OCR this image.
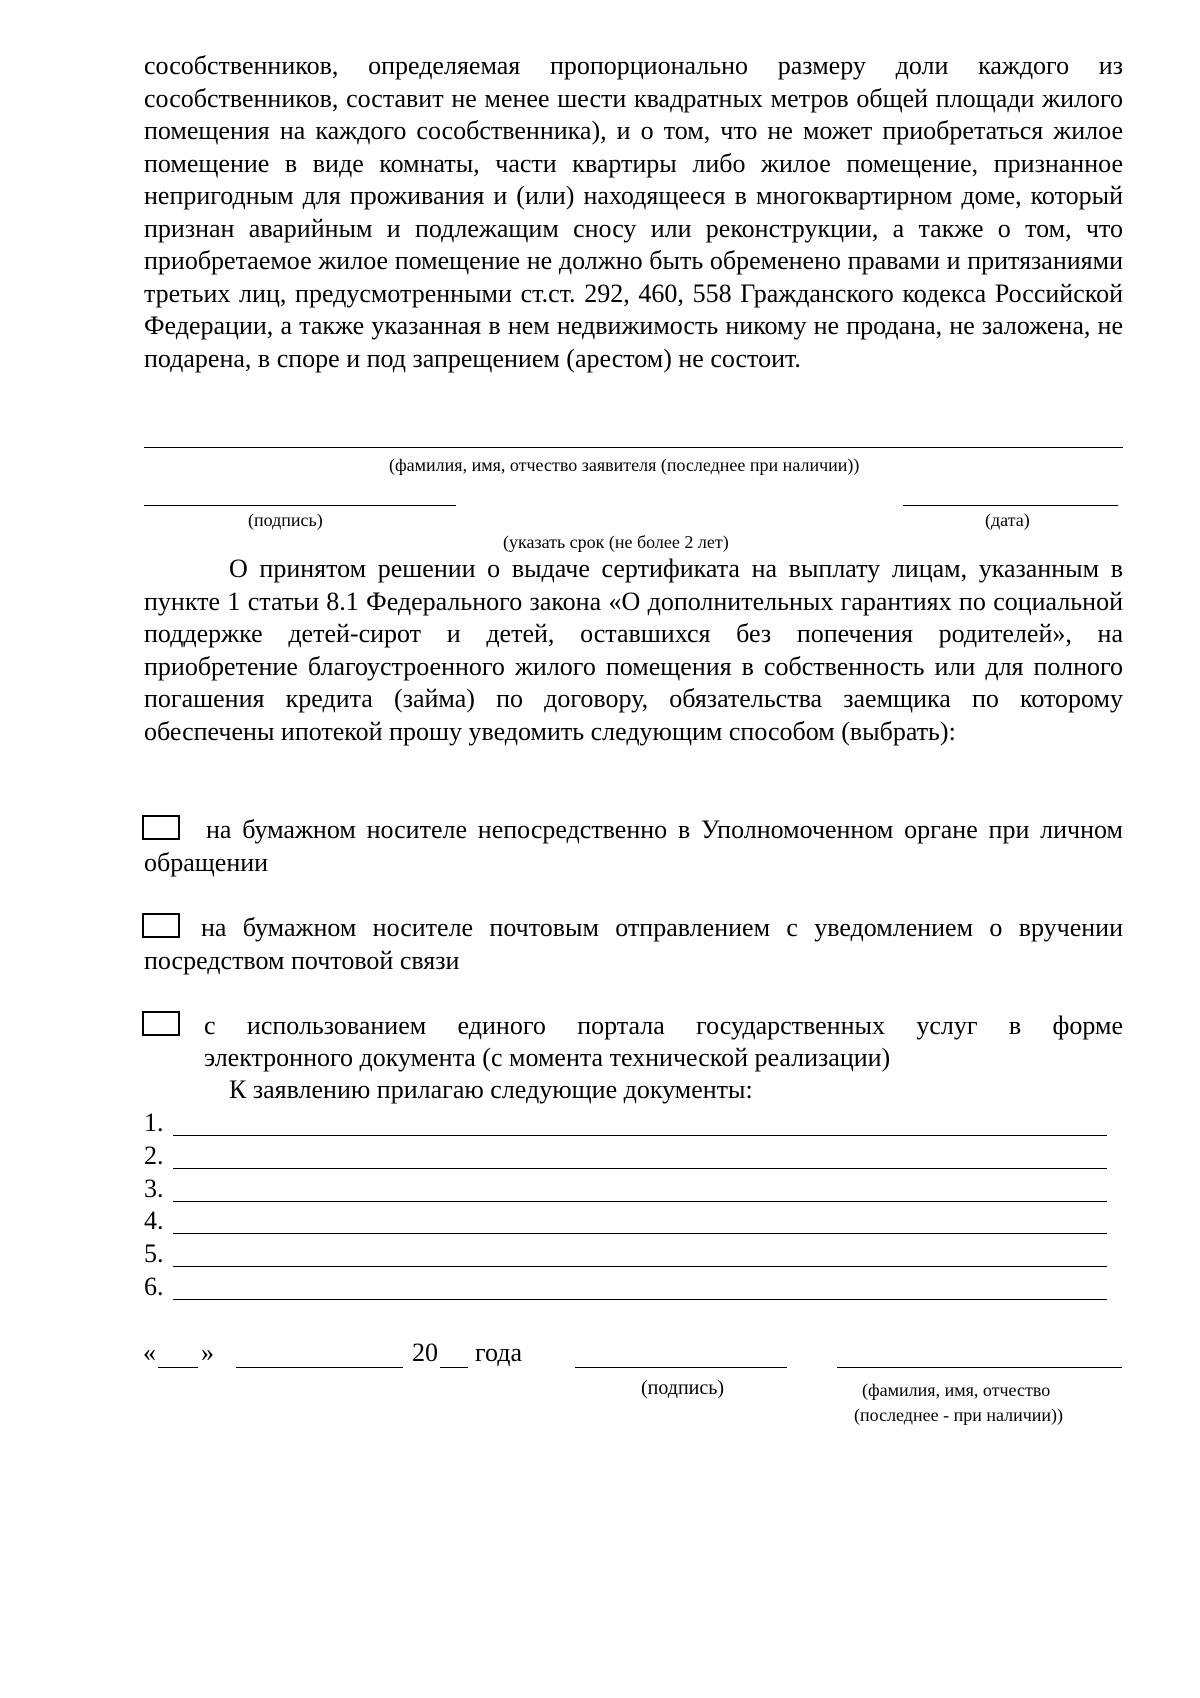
сособственников, определяемая пропорционально размеру доли каждого из сособственников, составит не менее шести квадратных метров общей площади жилого помещения на каждого сособственника), и о том, что не может приобретаться жилое помещение в виде комнаты, части квартиры либо жилое помещение, признанное непригодным для проживания и (или) находящееся в многоквартирном доме, который признан аварийным и подлежащим сносу или реконструкции, а также о том, что приобретаемое жилое помещение не должно быть обременено правами и притязаниями третьих лиц, предусмотренными ст.ст. 292, 460, 558 Гражданского кодекса Российской Федерации, а также указанная в нем недвижимость никому не продана, не заложена, не подарена, в споре и под запрещением (арестом) не состоит.

(фамилия, имя, отчество заявителя (последнее при наличии))
(подпись)	(дата)
(указать срок (не более 2 лет)

О принятом решении о выдаче сертификата на выплату лицам, указанным в пункте 1 статьи 8.1 Федерального закона «О дополнительных гарантиях по социальной поддержке детей-сирот и детей, оставшихся без попечения родителей», на приобретение благоустроенного жилого помещения в собственность или для полного погашения кредита (займа) по договору, обязательства заемщика по которому обеспечены ипотекой прошу уведомить следующим способом (выбрать):

на бумажном носителе непосредственно в Уполномоченном органе при личном обращении

на бумажном носителе почтовым отправлением с уведомлением о вручении посредством почтовой связи

с использованием единого портала государственных услуг в форме
электронного документа (с момента технической реализации)
К заявлению прилагаю следующие документы:
1.
2.
3.
4.
5.
6.
« »	20 года
(подпись)	(фамилия, имя, отчество
(последнее - при наличии))
